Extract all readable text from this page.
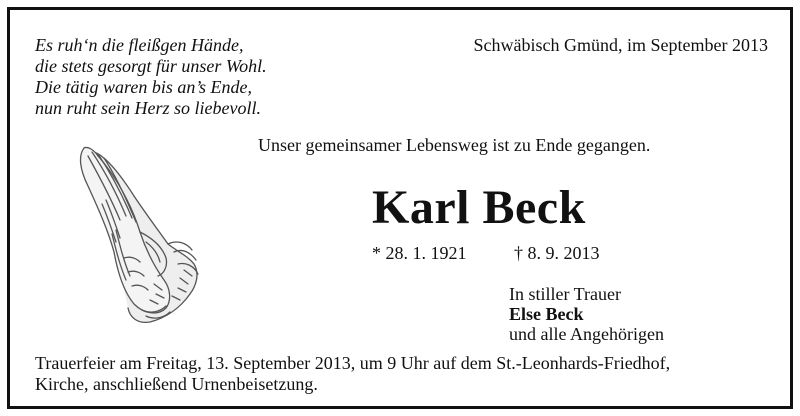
Es ruh‘n die fleißgen Hände,
die stets gesorgt für unser Wohl.
Die tätig waren bis an’s Ende,
nun ruht sein Herz so liebevoll.
Schwäbisch Gmünd, im September 2013
Unser gemeinsamer Lebensweg ist zu Ende gegangen.
Karl Beck
* 28. 1. 1921	† 8. 9. 2013
In stiller Trauer
Else Beck
und alle Angehörigen
Trauerfeier am Freitag, 13. September 2013, um 9 Uhr auf dem St.-Leonhards-Friedhof,
Kirche, anschließend Urnenbeisetzung.
